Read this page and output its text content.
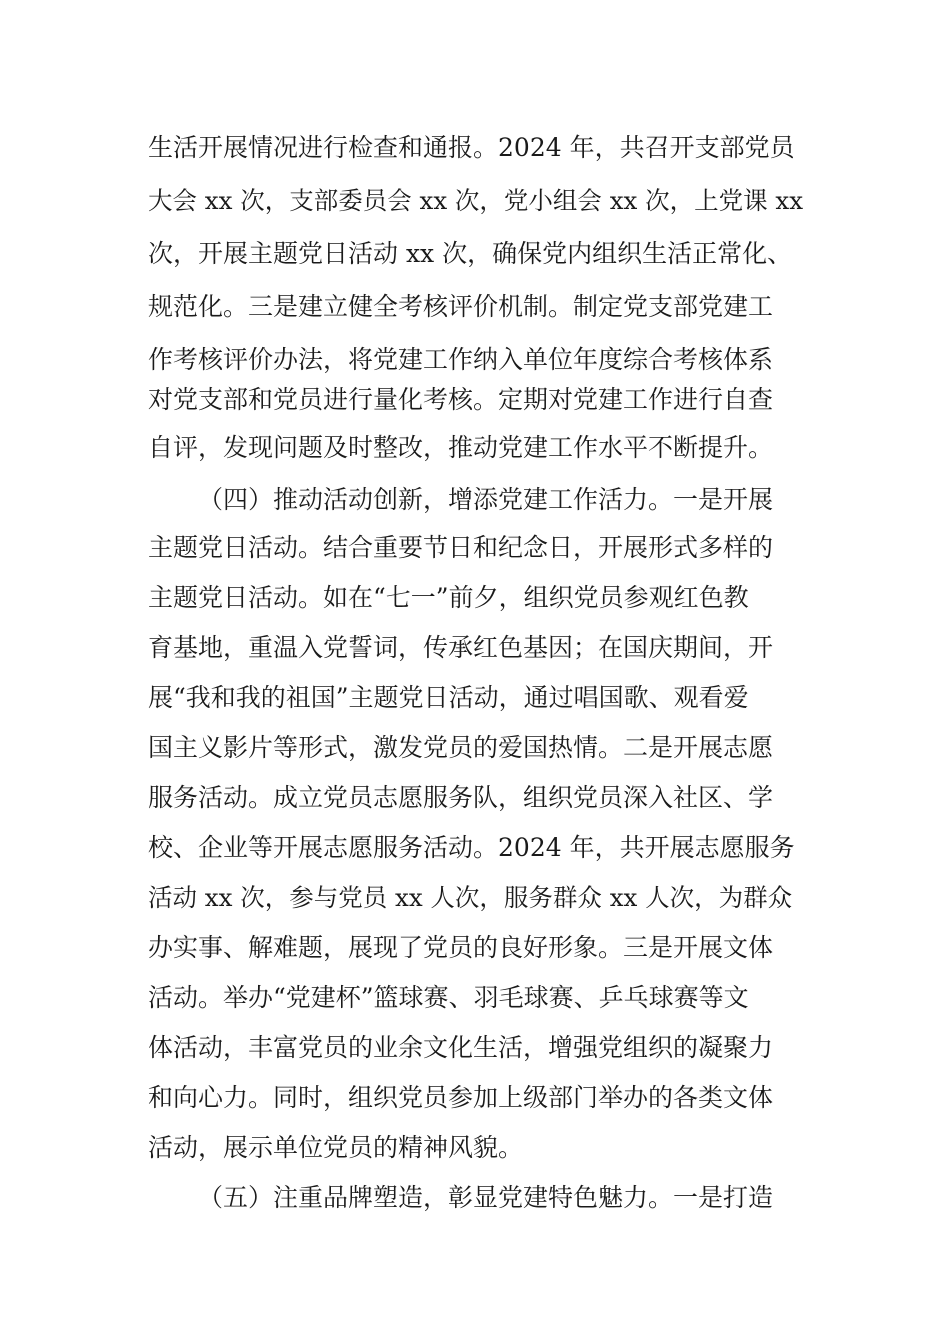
生活开展情况进行检查和通报。2024 年，共召开支部党员
大会 xx 次，支部委员会 xx 次，党小组会 xx 次，上党课 xx
次，开展主题党日活动 xx 次，确保党内组织生活正常化、
规范化。三是建立健全考核评价机制。制定党支部党建工
作考核评价办法，将党建工作纳入单位年度综合考核体系
对党支部和党员进行量化考核。定期对党建工作进行自查
自评，发现问题及时整改，推动党建工作水平不断提升。
（四）推动活动创新，增添党建工作活力。一是开展
主题党日活动。结合重要节日和纪念日，开展形式多样的
主题党日活动。如在“七一”前夕，组织党员参观红色教
育基地，重温入党誓词，传承红色基因；在国庆期间，开
展“我和我的祖国”主题党日活动，通过唱国歌、观看爱
国主义影片等形式，激发党员的爱国热情。二是开展志愿
服务活动。成立党员志愿服务队，组织党员深入社区、学
校、企业等开展志愿服务活动。2024 年，共开展志愿服务
活动 xx 次，参与党员 xx 人次，服务群众 xx 人次，为群众
办实事、解难题，展现了党员的良好形象。三是开展文体
活动。举办“党建杯”篮球赛、羽毛球赛、乒乓球赛等文
体活动，丰富党员的业余文化生活，增强党组织的凝聚力
和向心力。同时，组织党员参加上级部门举办的各类文体
活动，展示单位党员的精神风貌。
（五）注重品牌塑造，彰显党建特色魅力。一是打造
